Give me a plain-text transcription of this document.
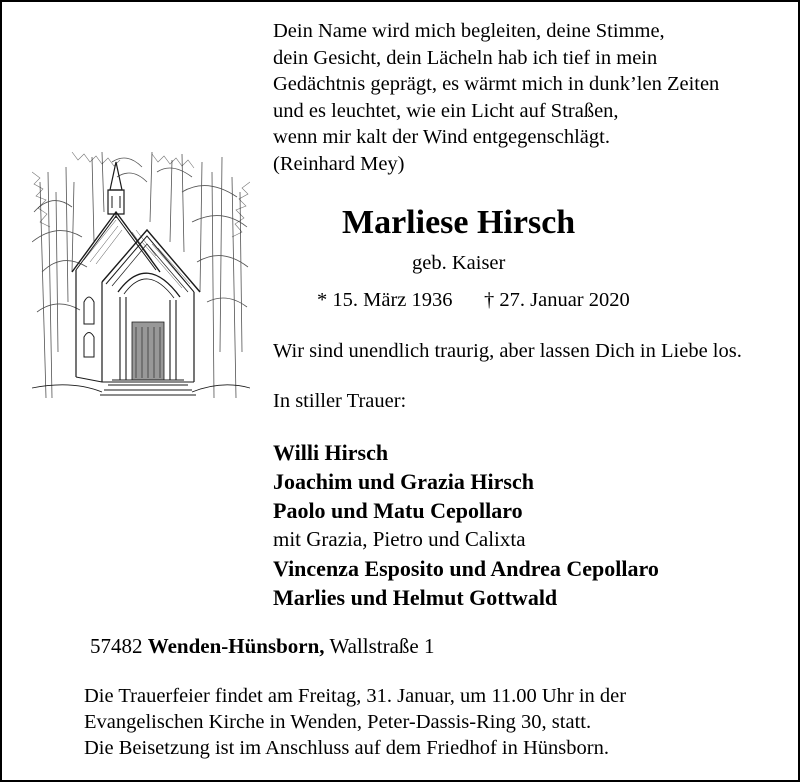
Dein Name wird mich begleiten, deine Stimme,
dein Gesicht, dein Lächeln hab ich tief in mein
Gedächtnis geprägt, es wärmt mich in dunk’len Zeiten
und es leuchtet, wie ein Licht auf Straßen,
wenn mir kalt der Wind entgegenschlägt.
(Reinhard Mey)
Marliese Hirsch
geb. Kaiser
* 15. März 1936 † 27. Januar 2020
Wir sind unendlich traurig, aber lassen Dich in Liebe los.
In stiller Trauer:
Willi Hirsch
Joachim und Grazia Hirsch
Paolo und Matu Cepollaro
mit Grazia, Pietro und Calixta
Vincenza Esposito und Andrea Cepollaro
Marlies und Helmut Gottwald
57482 Wenden-Hünsborn, Wallstraße 1
Die Trauerfeier findet am Freitag, 31. Januar, um 11.00 Uhr in der
Evangelischen Kirche in Wenden, Peter-Dassis-Ring 30, statt.
Die Beisetzung ist im Anschluss auf dem Friedhof in Hünsborn.
